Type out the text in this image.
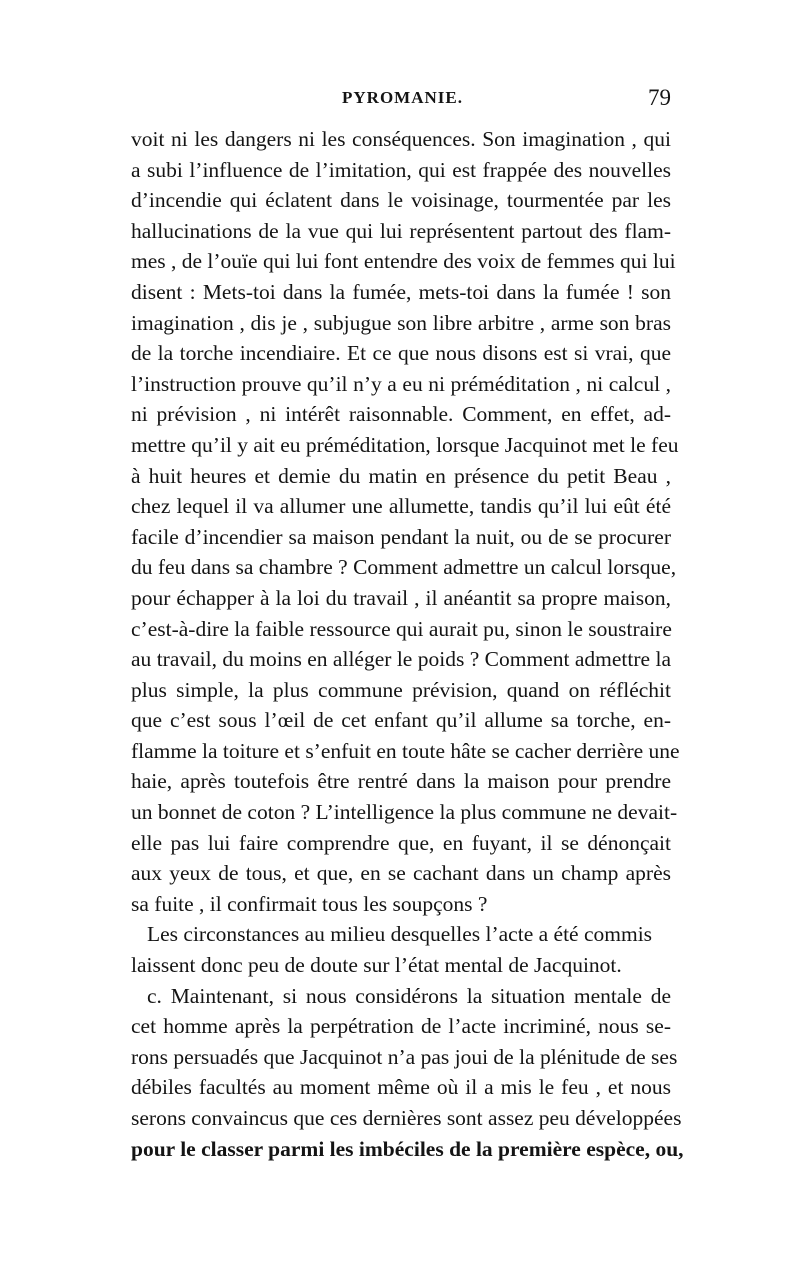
PYROMANIE.	79
voit ni les dangers ni les conséquences. Son imagination , qui
a subi l’influence de l’imitation, qui est frappée des nouvelles
d’incendie qui éclatent dans le voisinage, tourmentée par les
hallucinations de la vue qui lui représentent partout des flam-
mes , de l’ouïe qui lui font entendre des voix de femmes qui lui
disent : Mets-toi dans la fumée, mets-toi dans la fumée ! son
imagination , dis je , subjugue son libre arbitre , arme son bras
de la torche incendiaire. Et ce que nous disons est si vrai, que
l’instruction prouve qu’il n’y a eu ni préméditation , ni calcul ,
ni prévision , ni intérêt raisonnable. Comment, en effet, ad-
mettre qu’il y ait eu préméditation, lorsque Jacquinot met le feu
à huit heures et demie du matin en présence du petit Beau ,
chez lequel il va allumer une allumette, tandis qu’il lui eût été
facile d’incendier sa maison pendant la nuit, ou de se procurer
du feu dans sa chambre ? Comment admettre un calcul lorsque,
pour échapper à la loi du travail , il anéantit sa propre maison,
c’est-à-dire la faible ressource qui aurait pu, sinon le soustraire
au travail, du moins en alléger le poids ? Comment admettre la
plus simple, la plus commune prévision, quand on réfléchit
que c’est sous l’œil de cet enfant qu’il allume sa torche, en-
flamme la toiture et s’enfuit en toute hâte se cacher derrière une
haie, après toutefois être rentré dans la maison pour prendre
un bonnet de coton ? L’intelligence la plus commune ne devait-
elle pas lui faire comprendre que, en fuyant, il se dénonçait
aux yeux de tous, et que, en se cachant dans un champ après
sa fuite , il confirmait tous les soupçons ?
Les circonstances au milieu desquelles l’acte a été commis
laissent donc peu de doute sur l’état mental de Jacquinot.
c. Maintenant, si nous considérons la situation mentale de
cet homme après la perpétration de l’acte incriminé, nous se-
rons persuadés que Jacquinot n’a pas joui de la plénitude de ses
débiles facultés au moment même où il a mis le feu , et nous
serons convaincus que ces dernières sont assez peu développées
pour le classer parmi les imbéciles de la première espèce, ou,
